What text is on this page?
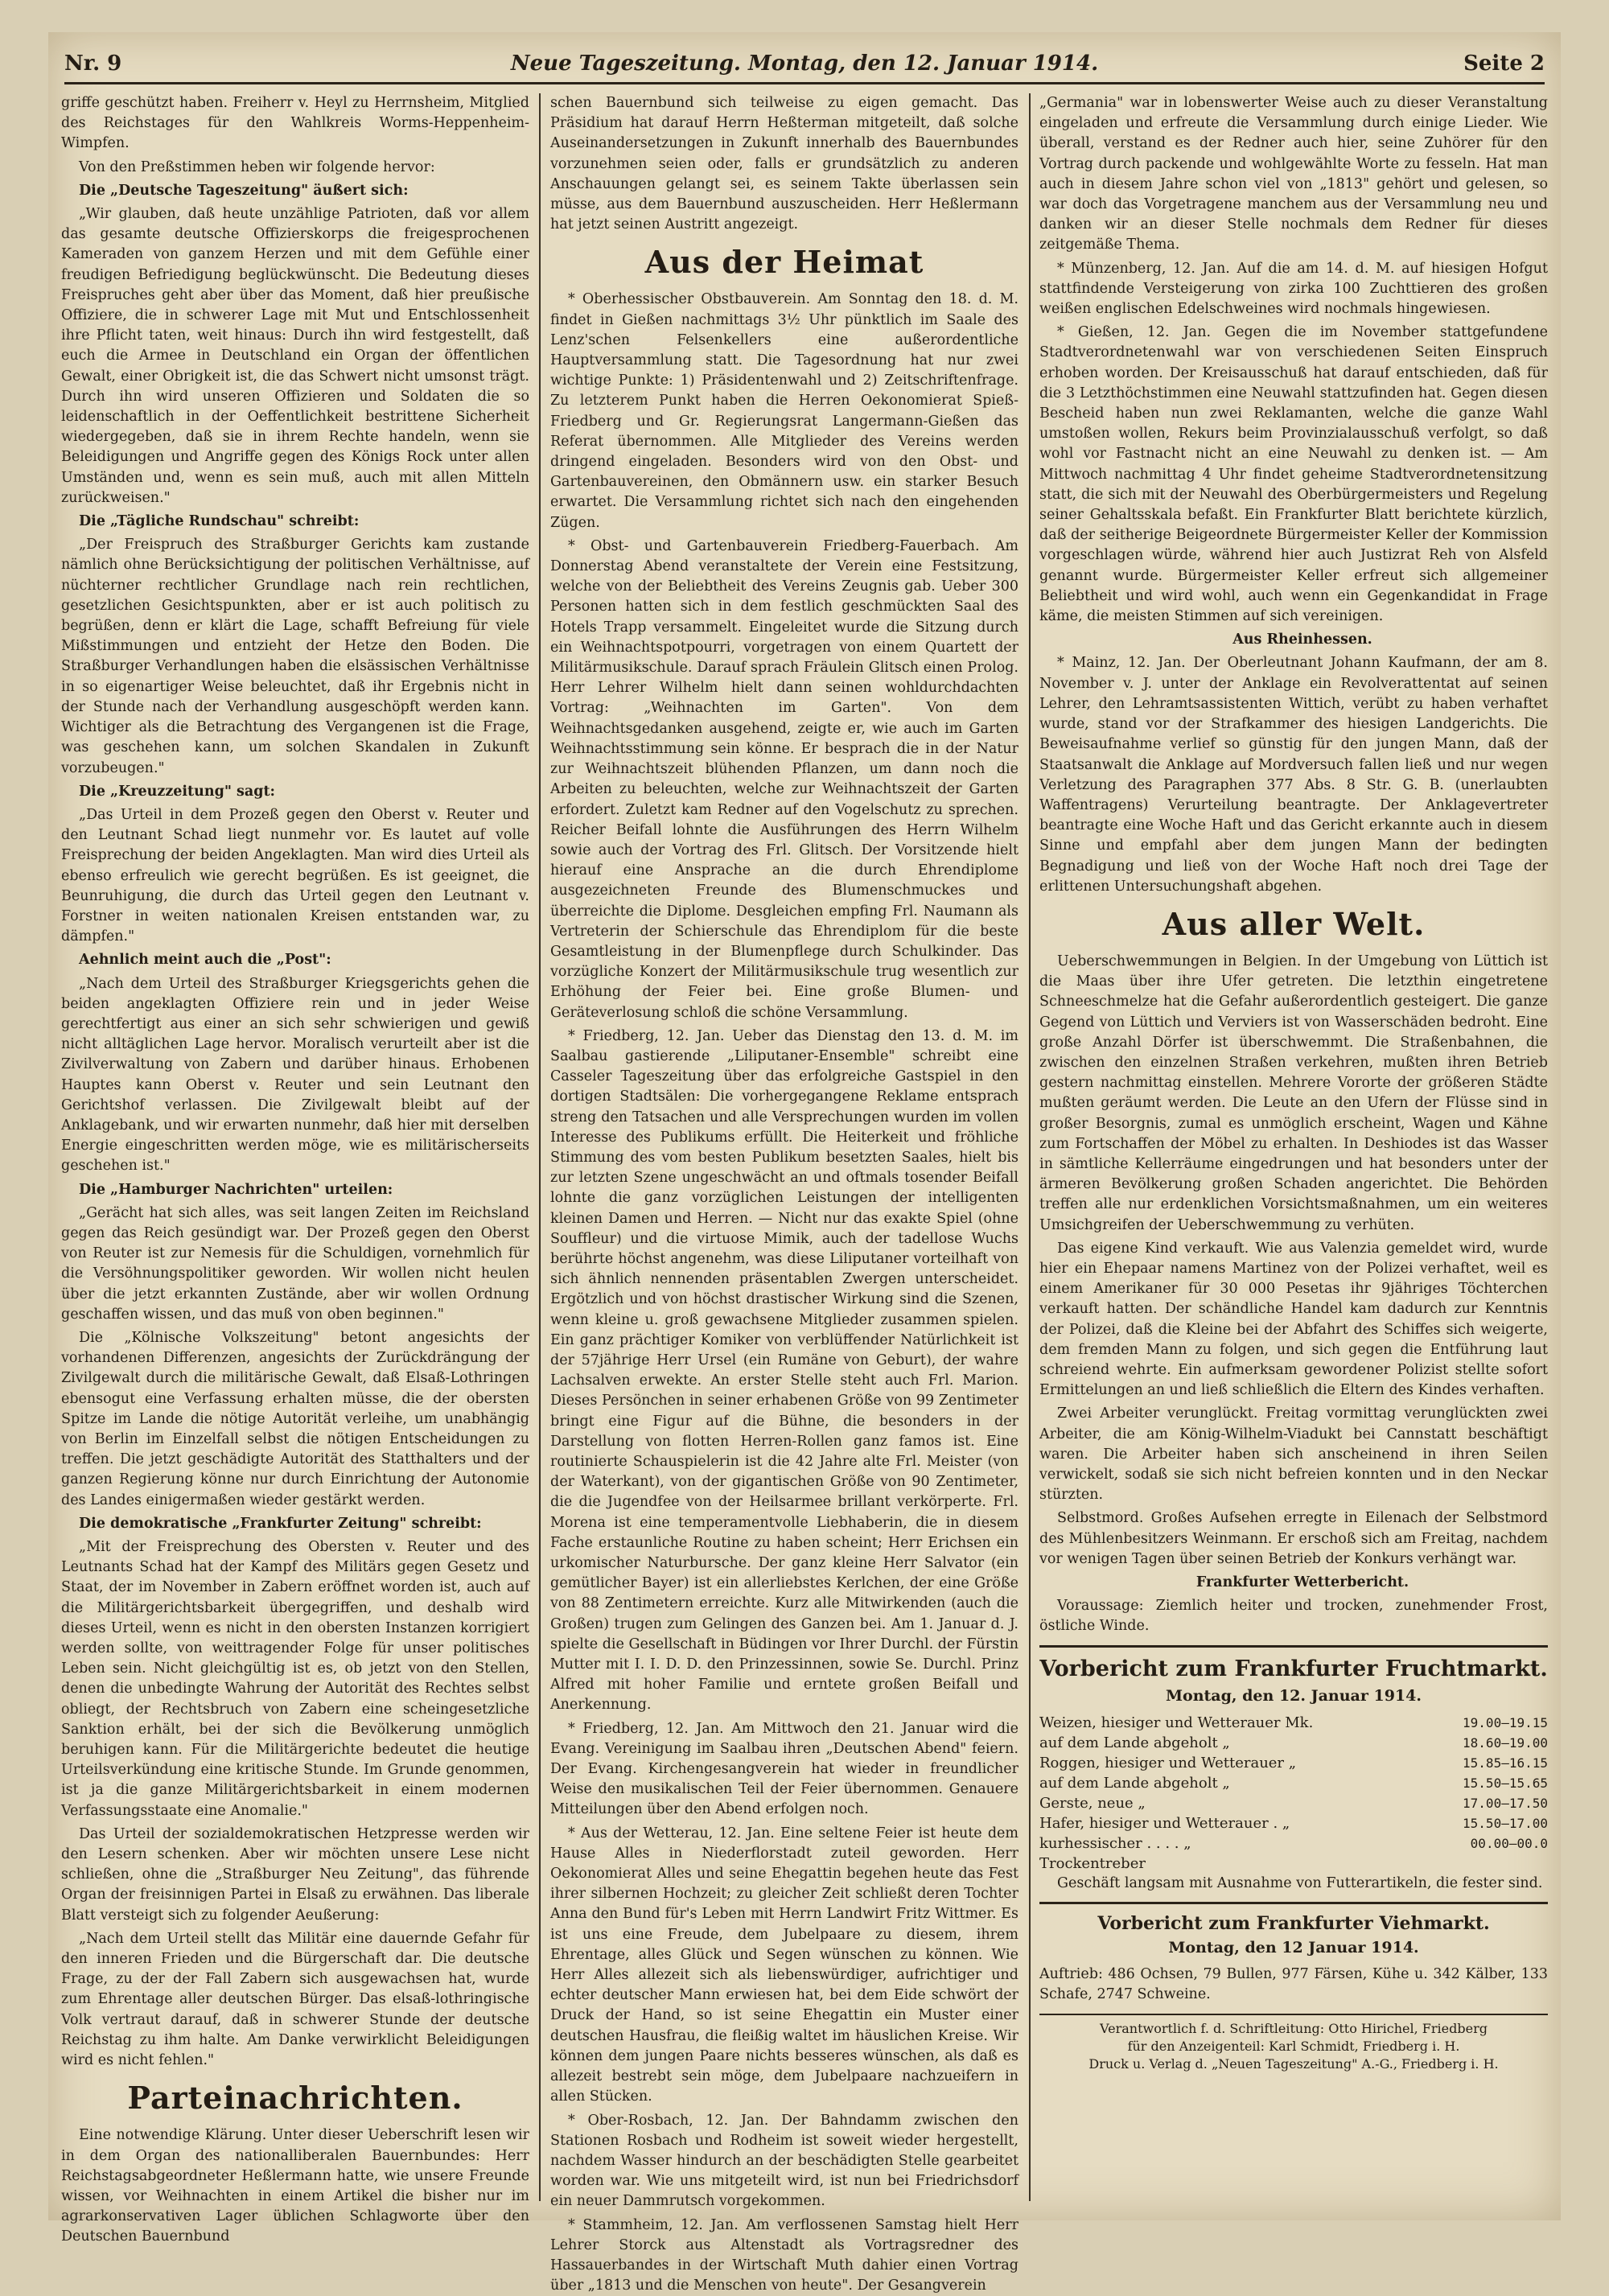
Nr. 9	Neue Tageszeitung. Montag, den 12. Januar 1914.	Seite 2

griffe geschützt haben. Freiherr v. Heyl zu Herrnsheim, Mitglied des Reichstages für den Wahlkreis Worms-Heppenheim-Wimpfen.

Von den Preßstimmen heben wir folgende hervor:

Die „Deutsche Tageszeitung" äußert sich:

„Wir glauben, daß heute unzählige Patrioten, daß vor allem das gesamte deutsche Offizierskorps die freigesprochenen Kameraden von ganzem Herzen und mit dem Gefühle einer freudigen Befriedigung beglückwünscht. Die Bedeutung dieses Freispruches geht aber über das Moment, daß hier preußische Offiziere, die in schwerer Lage mit Mut und Entschlossenheit ihre Pflicht taten, weit hinaus: Durch ihn wird festgestellt, daß euch die Armee in Deutschland ein Organ der öffentlichen Gewalt, einer Obrigkeit ist, die das Schwert nicht umsonst trägt. Durch ihn wird unseren Offizieren und Soldaten die so leidenschaftlich in der Oeffentlichkeit bestrittene Sicherheit wiedergegeben, daß sie in ihrem Rechte handeln, wenn sie Beleidigungen und Angriffe gegen des Königs Rock unter allen Umständen und, wenn es sein muß, auch mit allen Mitteln zurückweisen."

Die „Tägliche Rundschau" schreibt:

„Der Freispruch des Straßburger Gerichts kam zustande nämlich ohne Berücksichtigung der politischen Verhältnisse, auf nüchterner rechtlicher Grundlage nach rein rechtlichen, gesetzlichen Gesichtspunkten, aber er ist auch politisch zu begrüßen, denn er klärt die Lage, schafft Befreiung für viele Mißstimmungen und entzieht der Hetze den Boden. Die Straßburger Verhandlungen haben die elsässischen Verhältnisse in so eigenartiger Weise beleuchtet, daß ihr Ergebnis nicht in der Stunde nach der Verhandlung ausgeschöpft werden kann. Wichtiger als die Betrachtung des Vergangenen ist die Frage, was geschehen kann, um solchen Skandalen in Zukunft vorzubeugen."

Die „Kreuzzeitung" sagt:

„Das Urteil in dem Prozeß gegen den Oberst v. Reuter und den Leutnant Schad liegt nunmehr vor. Es lautet auf volle Freisprechung der beiden Angeklagten. Man wird dies Urteil als ebenso erfreulich wie gerecht begrüßen. Es ist geeignet, die Beunruhigung, die durch das Urteil gegen den Leutnant v. Forstner in weiten nationalen Kreisen entstanden war, zu dämpfen."

Aehnlich meint auch die „Post":

„Nach dem Urteil des Straßburger Kriegsgerichts gehen die beiden angeklagten Offiziere rein und in jeder Weise gerechtfertigt aus einer an sich sehr schwierigen und gewiß nicht alltäglichen Lage hervor. Moralisch verurteilt aber ist die Zivilverwaltung von Zabern und darüber hinaus. Erhobenen Hauptes kann Oberst v. Reuter und sein Leutnant den Gerichtshof verlassen. Die Zivilgewalt bleibt auf der Anklagebank, und wir erwarten nunmehr, daß hier mit derselben Energie eingeschritten werden möge, wie es militärischerseits geschehen ist."

Die „Hamburger Nachrichten" urteilen:

„Gerächt hat sich alles, was seit langen Zeiten im Reichsland gegen das Reich gesündigt war. Der Prozeß gegen den Oberst von Reuter ist zur Nemesis für die Schuldigen, vornehmlich für die Versöhnungspolitiker geworden. Wir wollen nicht heulen über die jetzt erkannten Zustände, aber wir wollen Ordnung geschaffen wissen, und das muß von oben beginnen."

Die „Kölnische Volkszeitung" betont angesichts der vorhandenen Differenzen, angesichts der Zurückdrängung der Zivilgewalt durch die militärische Gewalt, daß Elsaß-Lothringen ebensogut eine Verfassung erhalten müsse, die der obersten Spitze im Lande die nötige Autorität verleihe, um unabhängig von Berlin im Einzelfall selbst die nötigen Entscheidungen zu treffen. Die jetzt geschädigte Autorität des Statthalters und der ganzen Regierung könne nur durch Einrichtung der Autonomie des Landes einigermaßen wieder gestärkt werden.

Die demokratische „Frankfurter Zeitung" schreibt:

„Mit der Freisprechung des Obersten v. Reuter und des Leutnants Schad hat der Kampf des Militärs gegen Gesetz und Staat, der im November in Zabern eröffnet worden ist, auch auf die Militärgerichtsbarkeit übergegriffen, und deshalb wird dieses Urteil, wenn es nicht in den obersten Instanzen korrigiert werden sollte, von weittragender Folge für unser politisches Leben sein. Nicht gleichgültig ist es, ob jetzt von den Stellen, denen die unbedingte Wahrung der Autorität des Rechtes selbst obliegt, der Rechtsbruch von Zabern eine scheingesetzliche Sanktion erhält, bei der sich die Bevölkerung unmöglich beruhigen kann. Für die Militärgerichte bedeutet die heutige Urteilsverkündung eine kritische Stunde. Im Grunde genommen, ist ja die ganze Militärgerichtsbarkeit in einem modernen Verfassungsstaate eine Anomalie."

Das Urteil der sozialdemokratischen Hetzpresse werden wir den Lesern schenken. Aber wir möchten unsere Lese nicht schließen, ohne die „Straßburger Neu Zeitung", das führende Organ der freisinnigen Partei in Elsaß zu erwähnen. Das liberale Blatt versteigt sich zu folgender Aeußerung:

„Nach dem Urteil stellt das Militär eine dauernde Gefahr für den inneren Frieden und die Bürgerschaft dar. Die deutsche Frage, zu der der Fall Zabern sich ausgewachsen hat, wurde zum Ehrentage aller deutschen Bürger. Das elsaß-lothringische Volk vertraut darauf, daß in schwerer Stunde der deutsche Reichstag zu ihm halte. Am Danke verwirklicht Beleidigungen wird es nicht fehlen."

Parteinachrichten.

Eine notwendige Klärung. Unter dieser Ueberschrift lesen wir in dem Organ des nationalliberalen Bauernbundes: Herr Reichstagsabgeordneter Heßlermann hatte, wie unsere Freunde wissen, vor Weihnachten in einem Artikel die bisher nur im agrarkonservativen Lager üblichen Schlagworte über den Deutschen Bauernbund

schen Bauernbund sich teilweise zu eigen gemacht. Das Präsidium hat darauf Herrn Heßterman mitgeteilt, daß solche Auseinandersetzungen in Zukunft innerhalb des Bauernbundes vorzunehmen seien oder, falls er grundsätzlich zu anderen Anschauungen gelangt sei, es seinem Takte überlassen sein müsse, aus dem Bauernbund auszuscheiden. Herr Heßlermann hat jetzt seinen Austritt angezeigt.

Aus der Heimat

* Oberhessischer Obstbauverein. Am Sonntag den 18. d. M. findet in Gießen nachmittags 3½ Uhr pünktlich im Saale des Lenz'schen Felsenkellers eine außerordentliche Hauptversammlung statt. Die Tagesordnung hat nur zwei wichtige Punkte: 1) Präsidentenwahl und 2) Zeitschriftenfrage. Zu letzterem Punkt haben die Herren Oekonomierat Spieß-Friedberg und Gr. Regierungsrat Langermann-Gießen das Referat übernommen. Alle Mitglieder des Vereins werden dringend eingeladen. Besonders wird von den Obst- und Gartenbauvereinen, den Obmännern usw. ein starker Besuch erwartet. Die Versammlung richtet sich nach den eingehenden Zügen.

* Obst- und Gartenbauverein Friedberg-Fauerbach. Am Donnerstag Abend veranstaltete der Verein eine Festsitzung, welche von der Beliebtheit des Vereins Zeugnis gab. Ueber 300 Personen hatten sich in dem festlich geschmückten Saal des Hotels Trapp versammelt. Eingeleitet wurde die Sitzung durch ein Weihnachtspotpourri, vorgetragen von einem Quartett der Militärmusikschule. Darauf sprach Fräulein Glitsch einen Prolog. Herr Lehrer Wilhelm hielt dann seinen wohldurchdachten Vortrag: „Weihnachten im Garten". Von dem Weihnachtsgedanken ausgehend, zeigte er, wie auch im Garten Weihnachtsstimmung sein könne. Er besprach die in der Natur zur Weihnachtszeit blühenden Pflanzen, um dann noch die Arbeiten zu beleuchten, welche zur Weihnachtszeit der Garten erfordert. Zuletzt kam Redner auf den Vogelschutz zu sprechen. Reicher Beifall lohnte die Ausführungen des Herrn Wilhelm sowie auch der Vortrag des Frl. Glitsch. Der Vorsitzende hielt hierauf eine Ansprache an die durch Ehrendiplome ausgezeichneten Freunde des Blumenschmuckes und überreichte die Diplome. Desgleichen empfing Frl. Naumann als Vertreterin der Schierschule das Ehrendiplom für die beste Gesamtleistung in der Blumenpflege durch Schulkinder. Das vorzügliche Konzert der Militärmusikschule trug wesentlich zur Erhöhung der Feier bei. Eine große Blumen- und Geräteverlosung schloß die schöne Versammlung.

* Friedberg, 12. Jan. Ueber das Dienstag den 13. d. M. im Saalbau gastierende „Liliputaner-Ensemble" schreibt eine Casseler Tageszeitung über das erfolgreiche Gastspiel in den dortigen Stadtsälen: Die vorhergegangene Reklame entsprach streng den Tatsachen und alle Versprechungen wurden im vollen Interesse des Publikums erfüllt. Die Heiterkeit und fröhliche Stimmung des vom besten Publikum besetzten Saales, hielt bis zur letzten Szene ungeschwächt an und oftmals tosender Beifall lohnte die ganz vorzüglichen Leistungen der intelligenten kleinen Damen und Herren. — Nicht nur das exakte Spiel (ohne Souffleur) und die virtuose Mimik, auch der tadellose Wuchs berührte höchst angenehm, was diese Liliputaner vorteilhaft von sich ähnlich nennenden präsentablen Zwergen unterscheidet. Ergötzlich und von höchst drastischer Wirkung sind die Szenen, wenn kleine u. groß gewachsene Mitglieder zusammen spielen. Ein ganz prächtiger Komiker von verblüffender Natürlichkeit ist der 57jährige Herr Ursel (ein Rumäne von Geburt), der wahre Lachsalven erwekte. An erster Stelle steht auch Frl. Marion. Dieses Persönchen in seiner erhabenen Größe von 99 Zentimeter bringt eine Figur auf die Bühne, die besonders in der Darstellung von flotten Herren-Rollen ganz famos ist. Eine routinierte Schauspielerin ist die 42 Jahre alte Frl. Meister (von der Waterkant), von der gigantischen Größe von 90 Zentimeter, die die Jugendfee von der Heilsarmee brillant verkörperte. Frl. Morena ist eine temperamentvolle Liebhaberin, die in diesem Fache erstaunliche Routine zu haben scheint; Herr Erichsen ein urkomischer Naturbursche. Der ganz kleine Herr Salvator (ein gemütlicher Bayer) ist ein allerliebstes Kerlchen, der eine Größe von 88 Zentimetern erreichte. Kurz alle Mitwirkenden (auch die Großen) trugen zum Gelingen des Ganzen bei. Am 1. Januar d. J. spielte die Gesellschaft in Büdingen vor Ihrer Durchl. der Fürstin Mutter mit I. I. D. D. den Prinzessinnen, sowie Se. Durchl. Prinz Alfred mit hoher Familie und erntete großen Beifall und Anerkennung.

* Friedberg, 12. Jan. Am Mittwoch den 21. Januar wird die Evang. Vereinigung im Saalbau ihren „Deutschen Abend" feiern. Der Evang. Kirchengesangverein hat wieder in freundlicher Weise den musikalischen Teil der Feier übernommen. Genauere Mitteilungen über den Abend erfolgen noch.

* Aus der Wetterau, 12. Jan. Eine seltene Feier ist heute dem Hause Alles in Niederflorstadt zuteil geworden. Herr Oekonomierat Alles und seine Ehegattin begehen heute das Fest ihrer silbernen Hochzeit; zu gleicher Zeit schließt deren Tochter Anna den Bund für's Leben mit Herrn Landwirt Fritz Wittmer. Es ist uns eine Freude, dem Jubelpaare zu diesem, ihrem Ehrentage, alles Glück und Segen wünschen zu können. Wie Herr Alles allezeit sich als liebenswürdiger, aufrichtiger und echter deutscher Mann erwiesen hat, bei dem Eide schwört der Druck der Hand, so ist seine Ehegattin ein Muster einer deutschen Hausfrau, die fleißig waltet im häuslichen Kreise. Wir können dem jungen Paare nichts besseres wünschen, als daß es allezeit bestrebt sein möge, dem Jubelpaare nachzueifern in allen Stücken.

* Ober-Rosbach, 12. Jan. Der Bahndamm zwischen den Stationen Rosbach und Rodheim ist soweit wieder hergestellt, nachdem Wasser hindurch an der beschädigten Stelle gearbeitet worden war. Wie uns mitgeteilt wird, ist nun bei Friedrichsdorf ein neuer Dammrutsch vorgekommen.

* Stammheim, 12. Jan. Am verflossenen Samstag hielt Herr Lehrer Storck aus Altenstadt als Vortragsredner des Hassauerbandes in der Wirtschaft Muth dahier einen Vortrag über „1813 und die Menschen von heute". Der Gesangverein

„Germania" war in lobenswerter Weise auch zu dieser Veranstaltung eingeladen und erfreute die Versammlung durch einige Lieder. Wie überall, verstand es der Redner auch hier, seine Zuhörer für den Vortrag durch packende und wohlgewählte Worte zu fesseln. Hat man auch in diesem Jahre schon viel von „1813" gehört und gelesen, so war doch das Vorgetragene manchem aus der Versammlung neu und danken wir an dieser Stelle nochmals dem Redner für dieses zeitgemäße Thema.

* Münzenberg, 12. Jan. Auf die am 14. d. M. auf hiesigen Hofgut stattfindende Versteigerung von zirka 100 Zuchttieren des großen weißen englischen Edelschweines wird nochmals hingewiesen.

* Gießen, 12. Jan. Gegen die im November stattgefundene Stadtverordnetenwahl war von verschiedenen Seiten Einspruch erhoben worden. Der Kreisausschuß hat darauf entschieden, daß für die 3 Letzthöchstimmen eine Neuwahl stattzufinden hat. Gegen diesen Bescheid haben nun zwei Reklamanten, welche die ganze Wahl umstoßen wollen, Rekurs beim Provinzialausschuß verfolgt, so daß wohl vor Fastnacht nicht an eine Neuwahl zu denken ist. — Am Mittwoch nachmittag 4 Uhr findet geheime Stadtverordnetensitzung statt, die sich mit der Neuwahl des Oberbürgermeisters und Regelung seiner Gehaltsskala befaßt. Ein Frankfurter Blatt berichtete kürzlich, daß der seitherige Beigeordnete Bürgermeister Keller der Kommission vorgeschlagen würde, während hier auch Justizrat Reh von Alsfeld genannt wurde. Bürgermeister Keller erfreut sich allgemeiner Beliebtheit und wird wohl, auch wenn ein Gegenkandidat in Frage käme, die meisten Stimmen auf sich vereinigen.

Aus Rheinhessen.

* Mainz, 12. Jan. Der Oberleutnant Johann Kaufmann, der am 8. November v. J. unter der Anklage ein Revolverattentat auf seinen Lehrer, den Lehramtsassistenten Wittich, verübt zu haben verhaftet wurde, stand vor der Strafkammer des hiesigen Landgerichts. Die Beweisaufnahme verlief so günstig für den jungen Mann, daß der Staatsanwalt die Anklage auf Mordversuch fallen ließ und nur wegen Verletzung des Paragraphen 377 Abs. 8 Str. G. B. (unerlaubten Waffentragens) Verurteilung beantragte. Der Anklagevertreter beantragte eine Woche Haft und das Gericht erkannte auch in diesem Sinne und empfahl aber dem jungen Mann der bedingten Begnadigung und ließ von der Woche Haft noch drei Tage der erlittenen Untersuchungshaft abgehen.

Aus aller Welt.

Ueberschwemmungen in Belgien. In der Umgebung von Lüttich ist die Maas über ihre Ufer getreten. Die letzthin eingetretene Schneeschmelze hat die Gefahr außerordentlich gesteigert. Die ganze Gegend von Lüttich und Verviers ist von Wasserschäden bedroht. Eine große Anzahl Dörfer ist überschwemmt. Die Straßenbahnen, die zwischen den einzelnen Straßen verkehren, mußten ihren Betrieb gestern nachmittag einstellen. Mehrere Vororte der größeren Städte mußten geräumt werden. Die Leute an den Ufern der Flüsse sind in großer Besorgnis, zumal es unmöglich erscheint, Wagen und Kähne zum Fortschaffen der Möbel zu erhalten. In Deshiodes ist das Wasser in sämtliche Kellerräume eingedrungen und hat besonders unter der ärmeren Bevölkerung großen Schaden angerichtet. Die Behörden treffen alle nur erdenklichen Vorsichtsmaßnahmen, um ein weiteres Umsichgreifen der Ueberschwemmung zu verhüten.

Das eigene Kind verkauft. Wie aus Valenzia gemeldet wird, wurde hier ein Ehepaar namens Martinez von der Polizei verhaftet, weil es einem Amerikaner für 30 000 Pesetas ihr 9jähriges Töchterchen verkauft hatten. Der schändliche Handel kam dadurch zur Kenntnis der Polizei, daß die Kleine bei der Abfahrt des Schiffes sich weigerte, dem fremden Mann zu folgen, und sich gegen die Entführung laut schreiend wehrte. Ein aufmerksam gewordener Polizist stellte sofort Ermittelungen an und ließ schließlich die Eltern des Kindes verhaften.

Zwei Arbeiter verunglückt. Freitag vormittag verunglückten zwei Arbeiter, die am König-Wilhelm-Viadukt bei Cannstatt beschäftigt waren. Die Arbeiter haben sich anscheinend in ihren Seilen verwickelt, sodaß sie sich nicht befreien konnten und in den Neckar stürzten.

Selbstmord. Großes Aufsehen erregte in Eilenach der Selbstmord des Mühlenbesitzers Weinmann. Er erschoß sich am Freitag, nachdem vor wenigen Tagen über seinen Betrieb der Konkurs verhängt war.

Frankfurter Wetterbericht.

Voraussage: Ziemlich heiter und trocken, zunehmender Frost, östliche Winde.

Vorbericht zum Frankfurter Fruchtmarkt.
Montag, den 12. Januar 1914.
Weizen, hiesiger und Wetterauer Mk.	19.00—19.15
auf dem Lande abgeholt „	18.60—19.00
Roggen, hiesiger und Wetterauer „	15.85—16.15
auf dem Lande abgeholt „	15.50—15.65
Gerste, neue „	17.00—17.50
Hafer, hiesiger und Wetterauer . „	15.50—17.00
kurhessischer . . . . „	00.00—00.0
Trockentreber	

Geschäft langsam mit Ausnahme von Futterartikeln, die fester sind.

Vorbericht zum Frankfurter Viehmarkt.
Montag, den 12 Januar 1914.

Auftrieb: 486 Ochsen, 79 Bullen, 977 Färsen, Kühe u. 342 Kälber, 133 Schafe, 2747 Schweine.

Verantwortlich f. d. Schriftleitung: Otto Hirichel, Friedberg
für den Anzeigenteil: Karl Schmidt, Friedberg i. H.
Druck u. Verlag d. „Neuen Tageszeitung" A.-G., Friedberg i. H.
